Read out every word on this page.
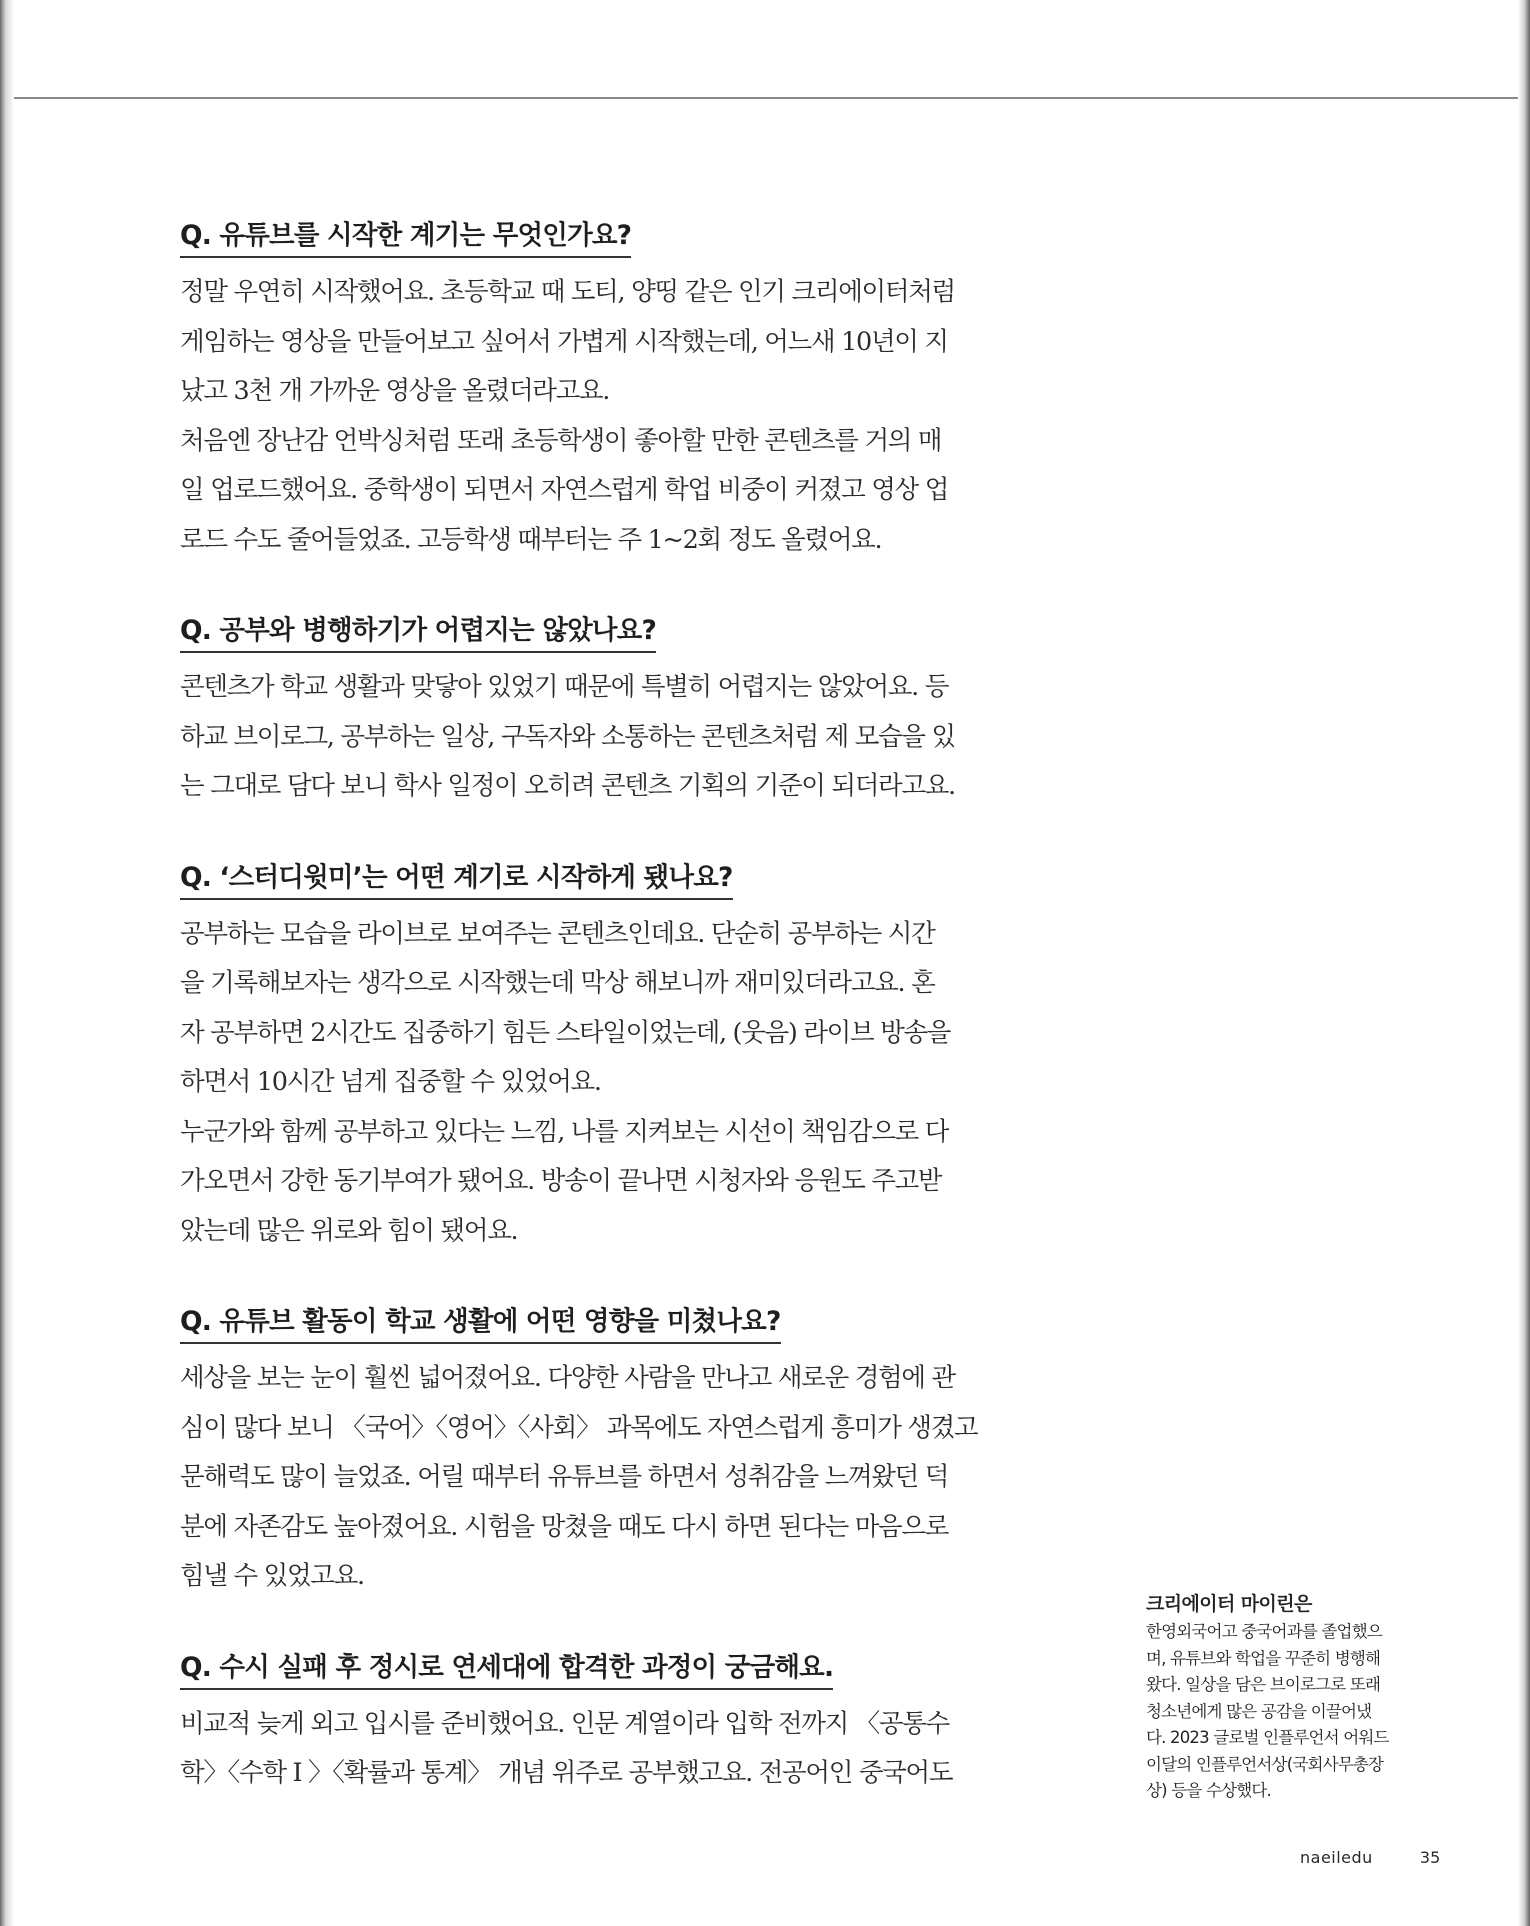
Q. 유튜브를 시작한 계기는 무엇인가요?

정말 우연히 시작했어요. 초등학교 때 도티, 양띵 같은 인기 크리에이터처럼
게임하는 영상을 만들어보고 싶어서 가볍게 시작했는데, 어느새 10년이 지
났고 3천 개 가까운 영상을 올렸더라고요.
처음엔 장난감 언박싱처럼 또래 초등학생이 좋아할 만한 콘텐츠를 거의 매
일 업로드했어요. 중학생이 되면서 자연스럽게 학업 비중이 커졌고 영상 업
로드 수도 줄어들었죠. 고등학생 때부터는 주 1~2회 정도 올렸어요.

Q. 공부와 병행하기가 어렵지는 않았나요?

콘텐츠가 학교 생활과 맞닿아 있었기 때문에 특별히 어렵지는 않았어요. 등
하교 브이로그, 공부하는 일상, 구독자와 소통하는 콘텐츠처럼 제 모습을 있
는 그대로 담다 보니 학사 일정이 오히려 콘텐츠 기획의 기준이 되더라고요.

Q. ‘스터디윗미’는 어떤 계기로 시작하게 됐나요?

공부하는 모습을 라이브로 보여주는 콘텐츠인데요. 단순히 공부하는 시간
을 기록해보자는 생각으로 시작했는데 막상 해보니까 재미있더라고요. 혼
자 공부하면 2시간도 집중하기 힘든 스타일이었는데, (웃음) 라이브 방송을
하면서 10시간 넘게 집중할 수 있었어요.
누군가와 함께 공부하고 있다는 느낌, 나를 지켜보는 시선이 책임감으로 다
가오면서 강한 동기부여가 됐어요. 방송이 끝나면 시청자와 응원도 주고받
았는데 많은 위로와 힘이 됐어요.

Q. 유튜브 활동이 학교 생활에 어떤 영향을 미쳤나요?

세상을 보는 눈이 훨씬 넓어졌어요. 다양한 사람을 만나고 새로운 경험에 관
심이 많다 보니 〈국어〉〈영어〉〈사회〉 과목에도 자연스럽게 흥미가 생겼고
문해력도 많이 늘었죠. 어릴 때부터 유튜브를 하면서 성취감을 느껴왔던 덕
분에 자존감도 높아졌어요. 시험을 망쳤을 때도 다시 하면 된다는 마음으로
힘낼 수 있었고요.

Q. 수시 실패 후 정시로 연세대에 합격한 과정이 궁금해요.

비교적 늦게 외고 입시를 준비했어요. 인문 계열이라 입학 전까지 〈공통수
학〉〈수학 I 〉〈확률과 통계〉 개념 위주로 공부했고요. 전공어인 중국어도

크리에이터 마이린은
한영외국어고 중국어과를 졸업했으
며, 유튜브와 학업을 꾸준히 병행해
왔다. 일상을 담은 브이로그로 또래
청소년에게 많은 공감을 이끌어냈
다. 2023 글로벌 인플루언서 어워드
이달의 인플루언서상(국회사무총장
상) 등을 수상했다.
naeiledu	35
